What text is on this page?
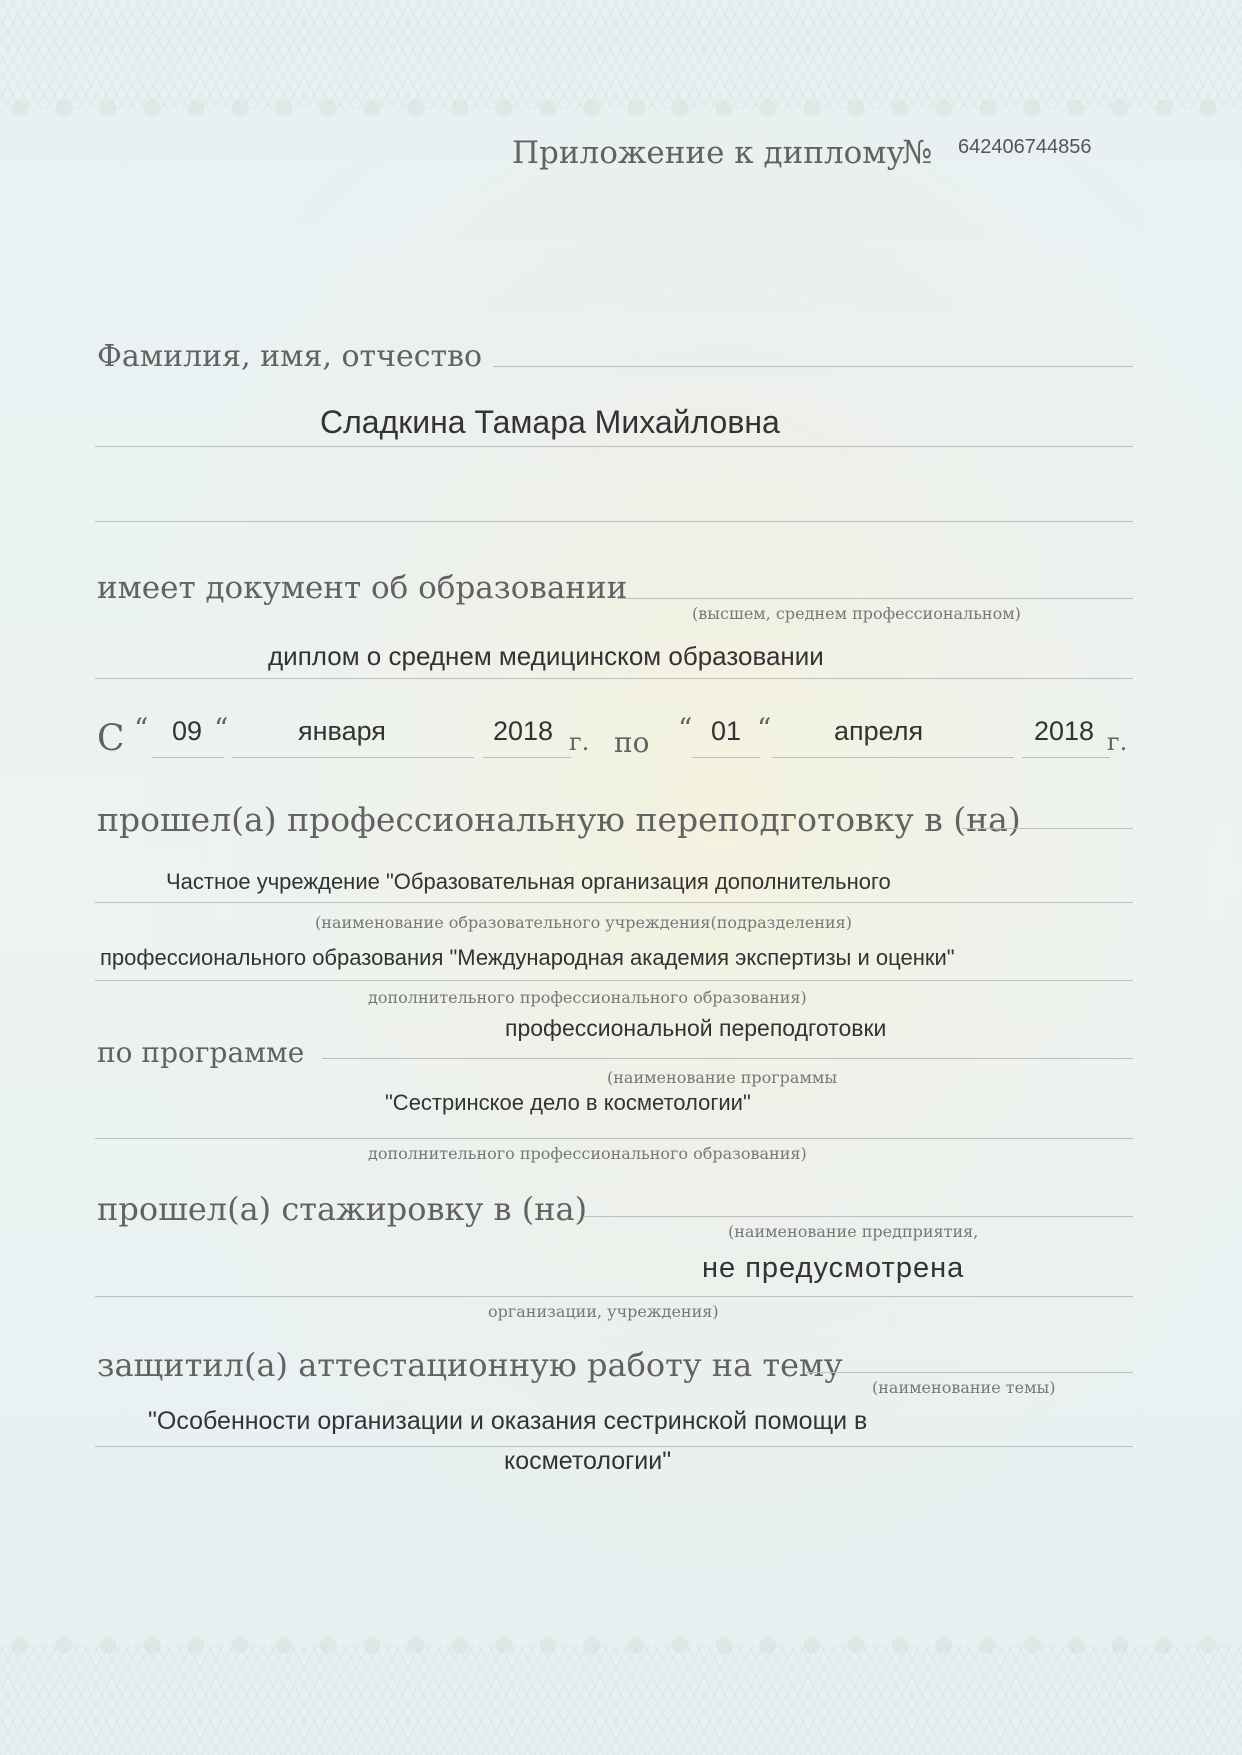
Приложение к диплому
№ 642406744856
Фамилия, имя, отчество
Сладкина Тамара Михайловна
имеет документ об образовании
(высшем, среднем профессиональном)
диплом о среднем медицинском образовании
С “ 09 “	января	2018 г. по “ 01 “ апреля	2018 г.
прошел(а) профессиональную переподготовку в (на)
Частное учреждение "Образовательная организация дополнительного
(наименование образовательного учреждения(подразделения)
профессионального образования "Международная академия экспертизы и оценки"
дополнительного профессионального образования)
по программе
профессиональной переподготовки
(наименование программы
"Сестринское дело в косметологии"
дополнительного профессионального образования)
прошел(а) стажировку в (на)
(наименование предприятия,
не предусмотрена
организации, учреждения)
защитил(а) аттестационную работу на тему
(наименование темы)
"Особенности организации и оказания сестринской помощи в
косметологии"
